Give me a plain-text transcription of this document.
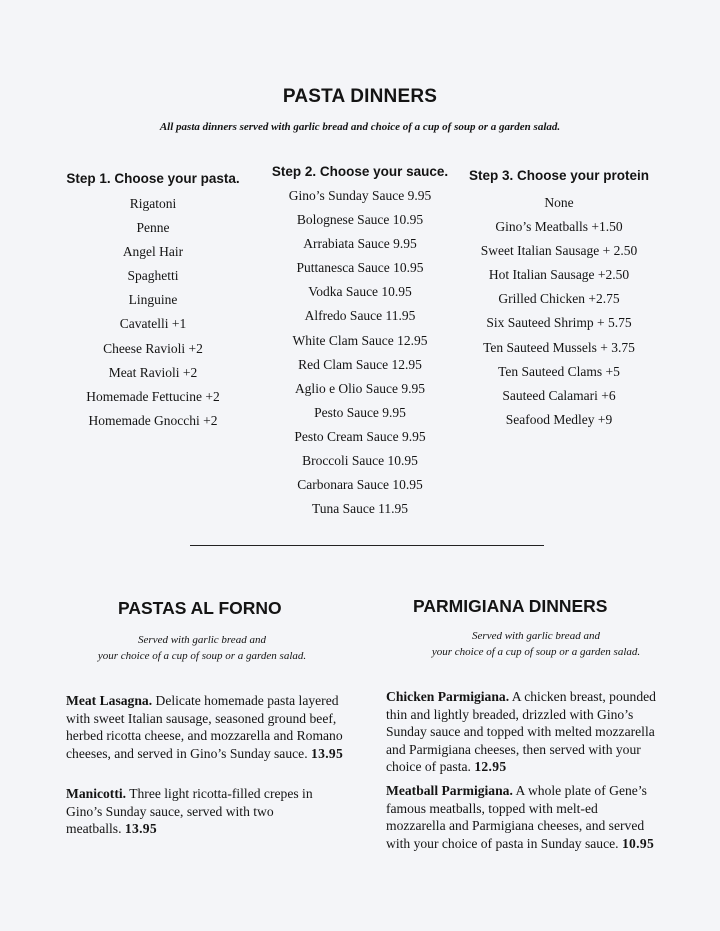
PASTA DINNERS
All pasta dinners served with garlic bread and choice of a cup of soup or a garden salad.
Step 1. Choose your pasta.
Rigatoni
Penne
Angel Hair
Spaghetti
Linguine
Cavatelli +1
Cheese Ravioli +2
Meat Ravioli +2
Homemade Fettucine +2
Homemade Gnocchi +2
Step 2. Choose your sauce.
Gino’s Sunday Sauce 9.95
Bolognese Sauce 10.95
Arrabiata Sauce 9.95
Puttanesca Sauce 10.95
Vodka Sauce 10.95
Alfredo Sauce 11.95
White Clam Sauce 12.95
Red Clam Sauce 12.95
Aglio e Olio Sauce 9.95
Pesto Sauce 9.95
Pesto Cream Sauce 9.95
Broccoli Sauce 10.95
Carbonara Sauce 10.95
Tuna Sauce 11.95
Step 3. Choose your protein
None
Gino’s Meatballs +1.50
Sweet Italian Sausage + 2.50
Hot Italian Sausage +2.50
Grilled Chicken +2.75
Six Sauteed Shrimp + 5.75
Ten Sauteed Mussels + 3.75
Ten Sauteed Clams +5
Sauteed Calamari +6
Seafood Medley +9
PASTAS AL FORNO
Served with garlic bread and
your choice of a cup of soup or a garden salad.
Meat Lasagna. Delicate homemade pasta layered with sweet Italian sausage, seasoned ground beef, herbed ricotta cheese, and mozzarella and Romano cheeses, and served in Gino’s Sunday sauce. 13.95
Manicotti. Three light ricotta-filled crepes in Gino’s Sunday sauce, served with two meatballs. 13.95
PARMIGIANA DINNERS
Served with garlic bread and
your choice of a cup of soup or a garden salad.
Chicken Parmigiana. A chicken breast, pounded thin and lightly breaded, drizzled with Gino’s Sunday sauce and topped with melted mozzarella and Parmigiana cheeses, then served with your choice of pasta. 12.95
Meatball Parmigiana. A whole plate of Gene’s famous meatballs, topped with melt-ed mozzarella and Parmigiana cheeses, and served with your choice of pasta in Sunday sauce. 10.95
